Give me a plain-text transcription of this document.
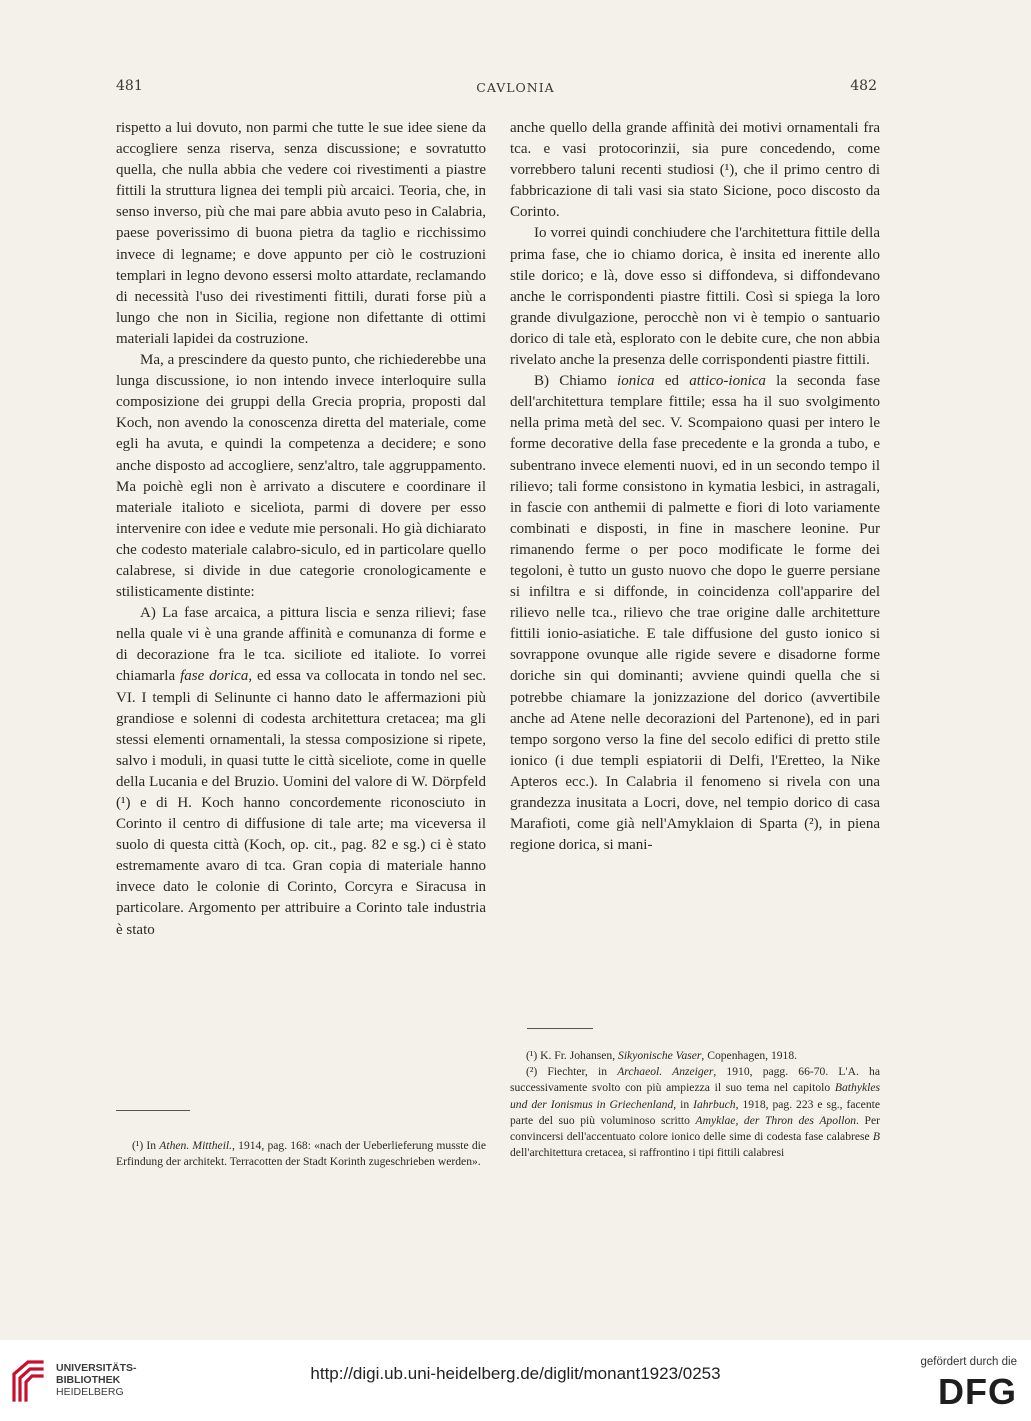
481	CAVLONIA	482

rispetto a lui dovuto, non parmi che tutte le sue idee siene da accogliere senza riserva, senza discussione; e sovratutto quella, che nulla abbia che vedere coi rivestimenti a piastre fittili la struttura lignea dei templi più arcaici. Teoria, che, in senso inverso, più che mai pare abbia avuto peso in Calabria, paese poverissimo di buona pietra da taglio e ricchissimo invece di legname; e dove appunto per ciò le costruzioni templari in legno devono essersi molto attardate, reclamando di necessità l'uso dei rivestimenti fittili, durati forse più a lungo che non in Sicilia, regione non difettante di ottimi materiali lapidei da costruzione.

Ma, a prescindere da questo punto, che richiederebbe una lunga discussione, io non intendo invece interloquire sulla composizione dei gruppi della Grecia propria, proposti dal Koch, non avendo la conoscenza diretta del materiale, come egli ha avuta, e quindi la competenza a decidere; e sono anche disposto ad accogliere, senz'altro, tale aggruppamento. Ma poichè egli non è arrivato a discutere e coordinare il materiale italioto e siceliota, parmi di dovere per esso intervenire con idee e vedute mie personali. Ho già dichiarato che codesto materiale calabro-siculo, ed in particolare quello calabrese, si divide in due categorie cronologicamente e stilisticamente distinte:

A) La fase arcaica, a pittura liscia e senza rilievi; fase nella quale vi è una grande affinità e comunanza di forme e di decorazione fra le tca. siciliote ed italiote. Io vorrei chiamarla fase dorica, ed essa va collocata in tondo nel sec. VI. I templi di Selinunte ci hanno dato le affermazioni più grandiose e solenni di codesta architettura cretacea; ma gli stessi elementi ornamentali, la stessa composizione si ripete, salvo i moduli, in quasi tutte le città siceliote, come in quelle della Lucania e del Bruzio. Uomini del valore di W. Dörpfeld (¹) e di H. Koch hanno concordemente riconosciuto in Corinto il centro di diffusione di tale arte; ma viceversa il suolo di questa città (Koch, op. cit., pag. 82 e sg.) ci è stato estremamente avaro di tca. Gran copia di materiale hanno invece dato le colonie di Corinto, Corcyra e Siracusa in particolare. Argomento per attribuire a Corinto tale industria è stato

anche quello della grande affinità dei motivi ornamentali fra tca. e vasi protocorinzii, sia pure concedendo, come vorrebbero taluni recenti studiosi (¹), che il primo centro di fabbricazione di tali vasi sia stato Sicione, poco discosto da Corinto.

Io vorrei quindi conchiudere che l'architettura fittile della prima fase, che io chiamo dorica, è insita ed inerente allo stile dorico; e là, dove esso si diffondeva, si diffondevano anche le corrispondenti piastre fittili. Così si spiega la loro grande divulgazione, perocchè non vi è tempio o santuario dorico di tale età, esplorato con le debite cure, che non abbia rivelato anche la presenza delle corrispondenti piastre fittili.

B) Chiamo ionica ed attico-ionica la seconda fase dell'architettura templare fittile; essa ha il suo svolgimento nella prima metà del sec. V. Scompaiono quasi per intero le forme decorative della fase precedente e la gronda a tubo, e subentrano invece elementi nuovi, ed in un secondo tempo il rilievo; tali forme consistono in kymatia lesbici, in astragali, in fascie con anthemii di palmette e fiori di loto variamente combinati e disposti, in fine in maschere leonine. Pur rimanendo ferme o per poco modificate le forme dei tegoloni, è tutto un gusto nuovo che dopo le guerre persiane si infiltra e si diffonde, in coincidenza coll'apparire del rilievo nelle tca., rilievo che trae origine dalle architetture fittili ionio-asiatiche. E tale diffusione del gusto ionico si sovrappone ovunque alle rigide severe e disadorne forme doriche sin qui dominanti; avviene quindi quella che si potrebbe chiamare la jonizzazione del dorico (avvertibile anche ad Atene nelle decorazioni del Partenone), ed in pari tempo sorgono verso la fine del secolo edifici di pretto stile ionico (i due templi espiatorii di Delfi, l'Eretteo, la Nike Apteros ecc.). In Calabria il fenomeno si rivela con una grandezza inusitata a Locri, dove, nel tempio dorico di casa Marafioti, come già nell'Amyklaion di Sparta (²), in piena regione dorica, si mani-

(¹) In Athen. Mittheil., 1914, pag. 168: «nach der Ueberlieferung musste die Erfindung der architekt. Terracotten der Stadt Korinth zugeschrieben werden».

(¹) K. Fr. Johansen, Sikyonische Vaser, Copenhagen, 1918.

(²) Fiechter, in Archaeol. Anzeiger, 1910, pagg. 66-70. L'A. ha successivamente svolto con più ampiezza il suo tema nel capitolo Bathykles und der Ionismus in Griechenland, in Iahrbuch, 1918, pag. 223 e sg., facente parte del suo più voluminoso scritto Amyklae, der Thron des Apollon. Per convincersi dell'accentuato colore ionico delle sime di codesta fase calabrese B dell'architettura cretacea, si raffrontino i tipi fittili calabresi

UNIVERSITÄTS-
BIBLIOTHEK
HEIDELBERG
http://digi.ub.uni-heidelberg.de/diglit/monant1923/0253
gefördert durch die
DFG
